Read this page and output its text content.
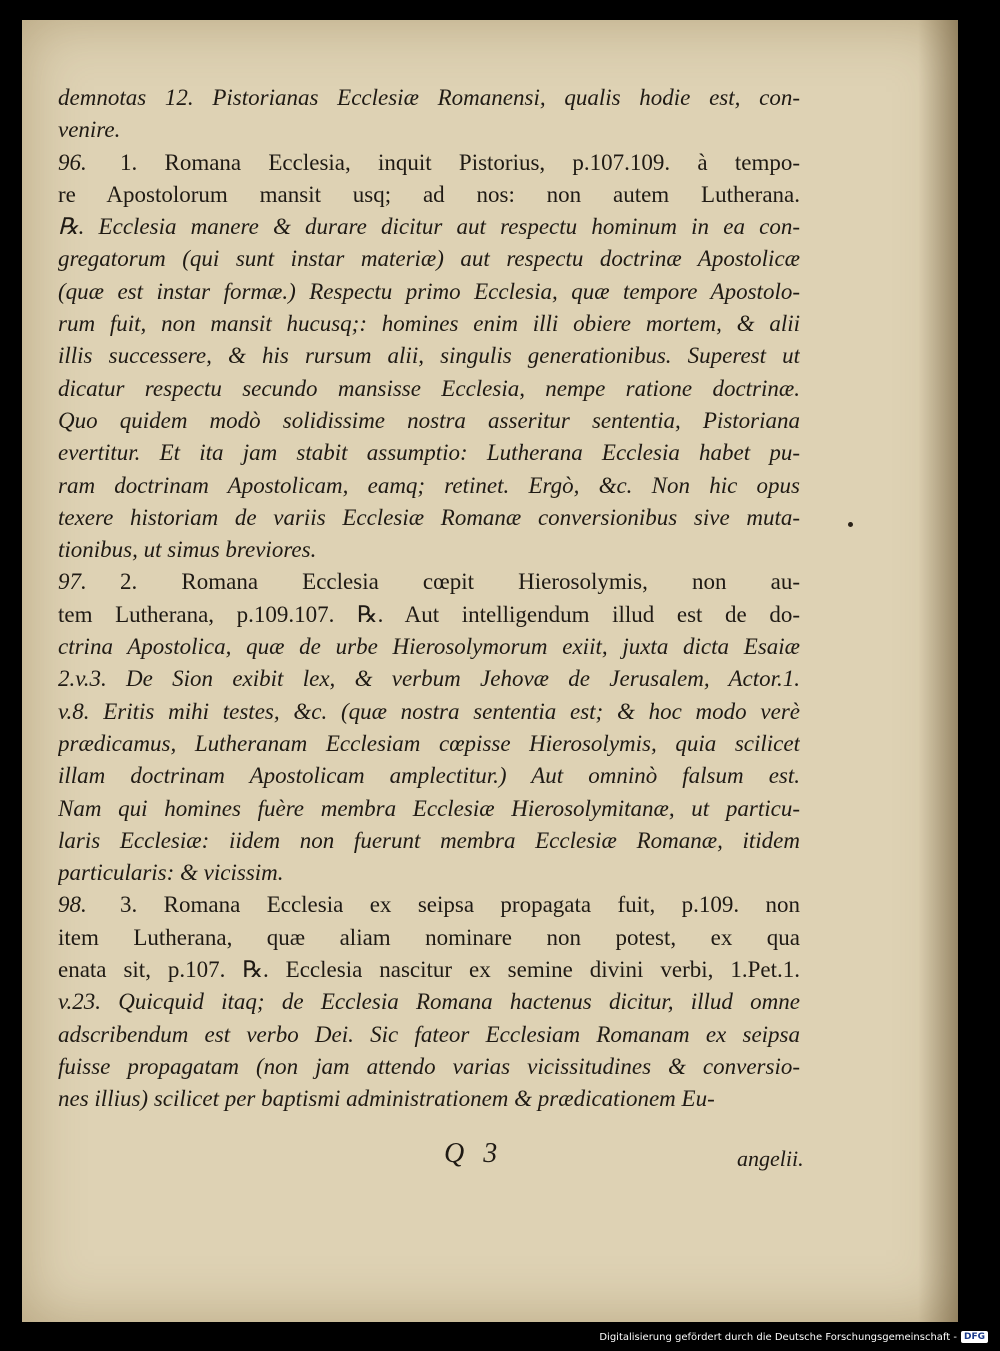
demnotas 12. Pistorianas Ecclesiæ Romanensi, qualis hodie est, con-
venire.
96. 1. Romana Ecclesia, inquit Pistorius, p.107.109. à tempo-
re Apostolorum mansit usq; ad nos: non autem Lutherana.
℞. Ecclesia manere & durare dicitur aut respectu hominum in ea con-
gregatorum (qui sunt instar materiæ) aut respectu doctrinæ Apostolicæ
(quæ est instar formæ.) Respectu primo Ecclesia, quæ tempore Apostolo-
rum fuit, non mansit hucusq;: homines enim illi obiere mortem, & alii
illis successere, & his rursum alii, singulis generationibus. Superest ut
dicatur respectu secundo mansisse Ecclesia, nempe ratione doctrinæ.
Quo quidem modò solidissime nostra asseritur sententia, Pistoriana
evertitur. Et ita jam stabit assumptio: Lutherana Ecclesia habet pu-
ram doctrinam Apostolicam, eamq; retinet. Ergò, &c. Non hic opus
texere historiam de variis Ecclesiæ Romanæ conversionibus sive muta-
tionibus, ut simus breviores.
97. 2. Romana Ecclesia cœpit Hierosolymis, non au-
tem Lutherana, p.109.107. ℞. Aut intelligendum illud est de do-
ctrina Apostolica, quæ de urbe Hierosolymorum exiit, juxta dicta Esaiæ
2.v.3. De Sion exibit lex, & verbum Jehovæ de Jerusalem, Actor.1.
v.8. Eritis mihi testes, &c. (quæ nostra sententia est; & hoc modo verè
prædicamus, Lutheranam Ecclesiam cœpisse Hierosolymis, quia scilicet
illam doctrinam Apostolicam amplectitur.) Aut omninò falsum est.
Nam qui homines fuère membra Ecclesiæ Hierosolymitanæ, ut particu-
laris Ecclesiæ: iidem non fuerunt membra Ecclesiæ Romanæ, itidem
particularis: & vicissim.
98. 3. Romana Ecclesia ex seipsa propagata fuit, p.109. non
item Lutherana, quæ aliam nominare non potest, ex qua
enata sit, p.107. ℞. Ecclesia nascitur ex semine divini verbi, 1.Pet.1.
v.23. Quicquid itaq; de Ecclesia Romana hactenus dicitur, illud omne
adscribendum est verbo Dei. Sic fateor Ecclesiam Romanam ex seipsa
fuisse propagatam (non jam attendo varias vicissitudines & conversio-
nes illius) scilicet per baptismi administrationem & prædicationem Eu-
Q 3	angelii.
Digitalisierung gefördert durch die Deutsche Forschungsgemeinschaft - DFG
